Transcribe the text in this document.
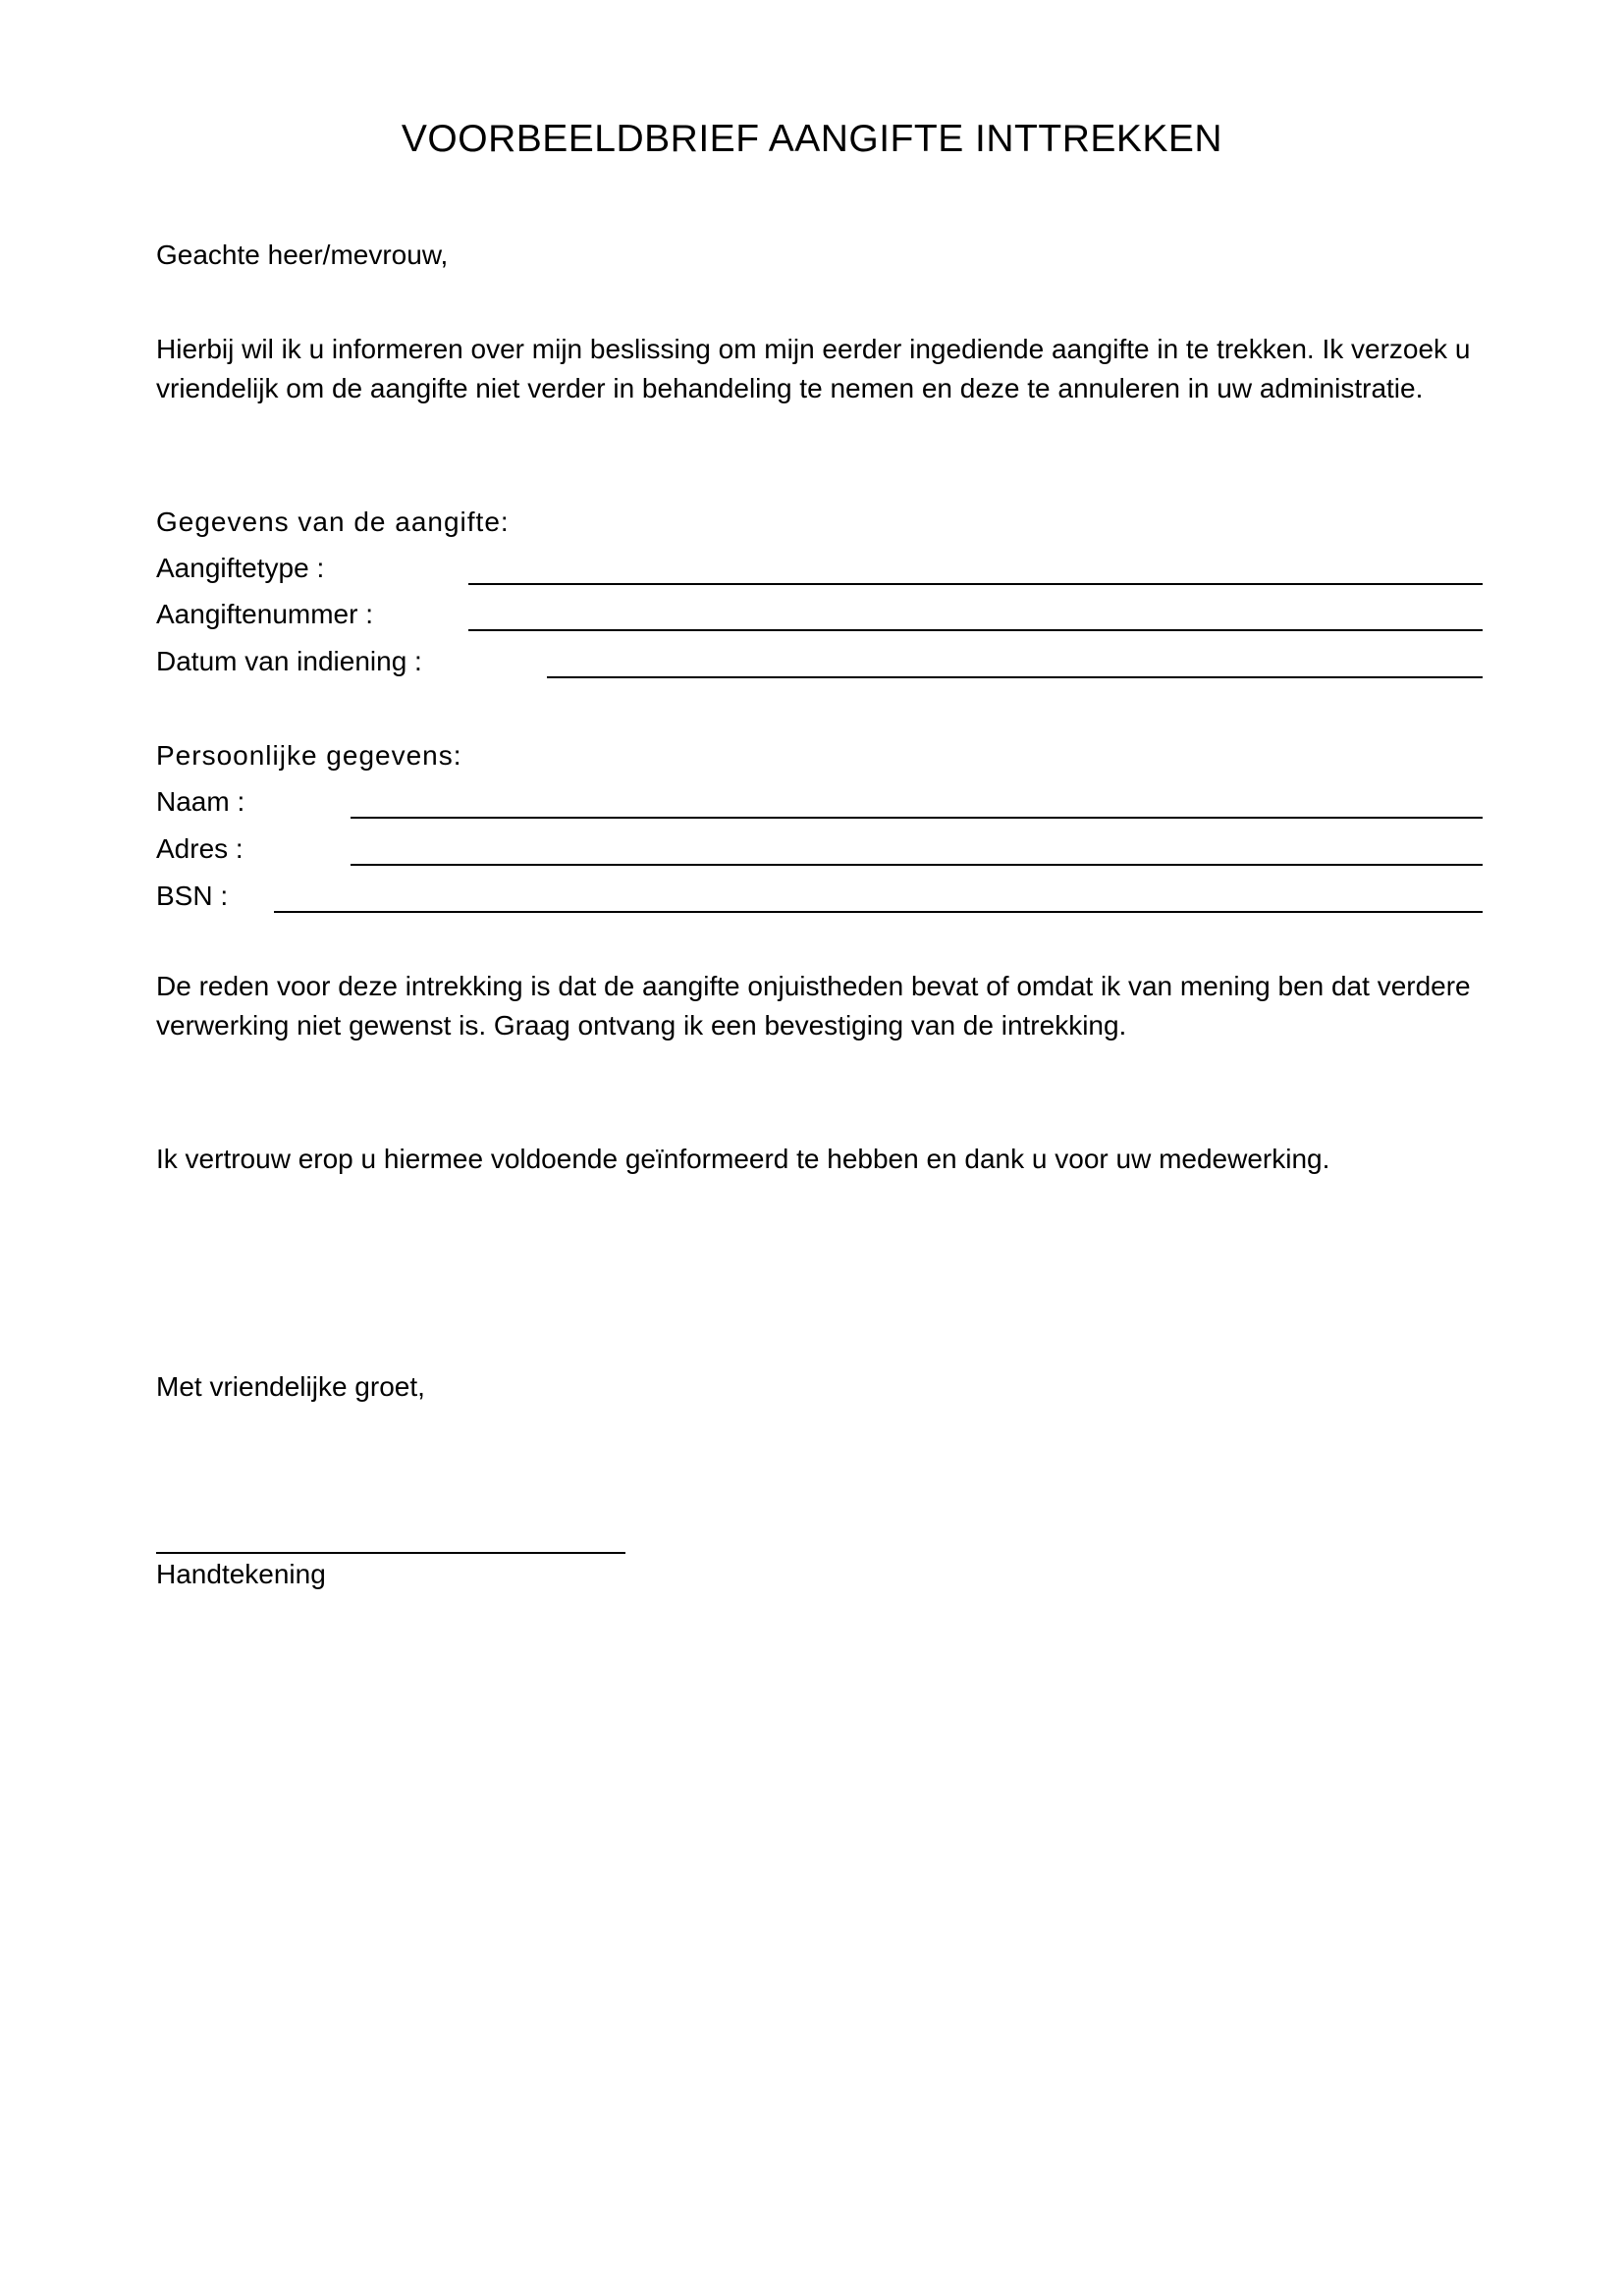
VOORBEELDBRIEF AANGIFTE INTTREKKEN
Geachte heer/mevrouw,
Hierbij wil ik u informeren over mijn beslissing om mijn eerder ingediende aangifte in te trekken. Ik verzoek u vriendelijk om de aangifte niet verder in behandeling te nemen en deze te annuleren in uw administratie.
Gegevens van de aangifte:
Aangiftetype :
Aangiftenummer :
Datum van indiening :
Persoonlijke gegevens:
Naam :
Adres :
BSN :
De reden voor deze intrekking is dat de aangifte onjuistheden bevat of omdat ik van mening ben dat verdere verwerking niet gewenst is. Graag ontvang ik een bevestiging van de intrekking.
Ik vertrouw erop u hiermee voldoende geïnformeerd te hebben en dank u voor uw medewerking.
Met vriendelijke groet,
Handtekening
